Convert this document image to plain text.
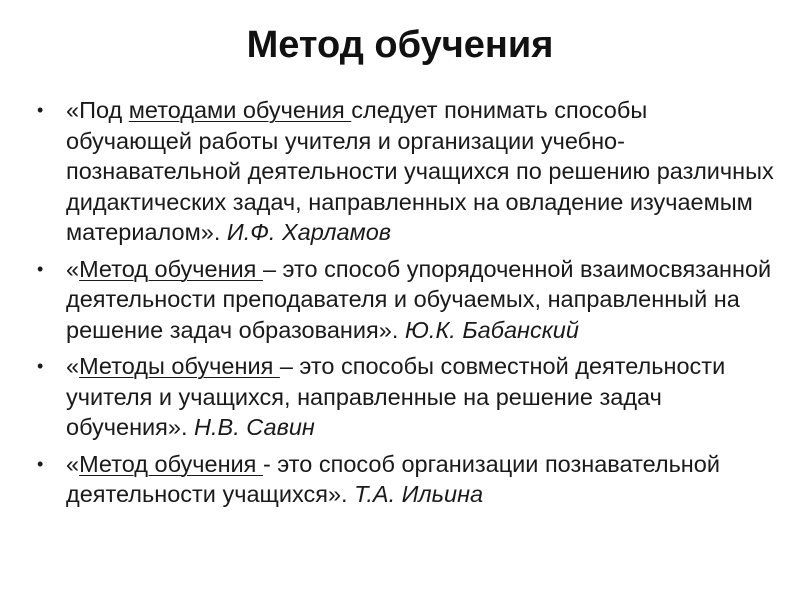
Метод обучения
• «Под методами обучения следует понимать способы обучающей работы учителя и организации учебно-познавательной деятельности учащихся по решению различных дидактических задач, направленных на овладение изучаемым материалом». И.Ф. Харламов
• «Метод обучения – это способ упорядоченной взаимосвязанной деятельности преподавателя и обучаемых, направленный на решение задач образования». Ю.К. Бабанский
• «Методы обучения – это способы совместной деятельности учителя и учащихся, направленные на решение задач обучения». Н.В. Савин
• «Метод обучения - это способ организации познавательной деятельности учащихся». Т.А. Ильина
